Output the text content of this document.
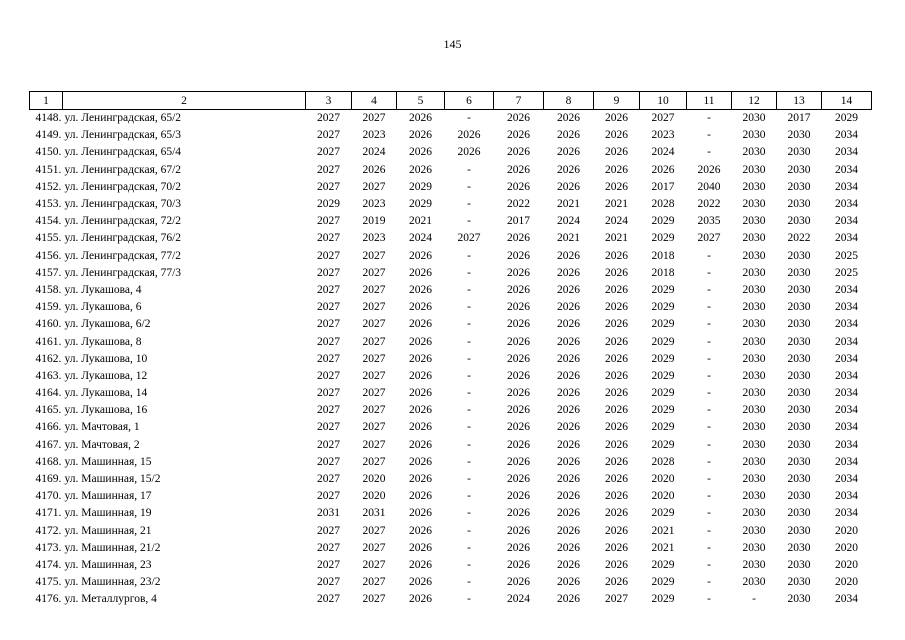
145
1	2	3	4	5	6	7	8	9	10	11	12	13	14
4148.	ул. Ленинградская, 65/2	2027	2027	2026	-	2026	2026	2026	2027	-	2030	2017	2029
4149.	ул. Ленинградская, 65/3	2027	2023	2026	2026	2026	2026	2026	2023	-	2030	2030	2034
4150.	ул. Ленинградская, 65/4	2027	2024	2026	2026	2026	2026	2026	2024	-	2030	2030	2034
4151.	ул. Ленинградская, 67/2	2027	2026	2026	-	2026	2026	2026	2026	2026	2030	2030	2034
4152.	ул. Ленинградская, 70/2	2027	2027	2029	-	2026	2026	2026	2017	2040	2030	2030	2034
4153.	ул. Ленинградская, 70/3	2029	2023	2029	-	2022	2021	2021	2028	2022	2030	2030	2034
4154.	ул. Ленинградская, 72/2	2027	2019	2021	-	2017	2024	2024	2029	2035	2030	2030	2034
4155.	ул. Ленинградская, 76/2	2027	2023	2024	2027	2026	2021	2021	2029	2027	2030	2022	2034
4156.	ул. Ленинградская, 77/2	2027	2027	2026	-	2026	2026	2026	2018	-	2030	2030	2025
4157.	ул. Ленинградская, 77/3	2027	2027	2026	-	2026	2026	2026	2018	-	2030	2030	2025
4158.	ул. Лукашова, 4	2027	2027	2026	-	2026	2026	2026	2029	-	2030	2030	2034
4159.	ул. Лукашова, 6	2027	2027	2026	-	2026	2026	2026	2029	-	2030	2030	2034
4160.	ул. Лукашова, 6/2	2027	2027	2026	-	2026	2026	2026	2029	-	2030	2030	2034
4161.	ул. Лукашова, 8	2027	2027	2026	-	2026	2026	2026	2029	-	2030	2030	2034
4162.	ул. Лукашова, 10	2027	2027	2026	-	2026	2026	2026	2029	-	2030	2030	2034
4163.	ул. Лукашова, 12	2027	2027	2026	-	2026	2026	2026	2029	-	2030	2030	2034
4164.	ул. Лукашова, 14	2027	2027	2026	-	2026	2026	2026	2029	-	2030	2030	2034
4165.	ул. Лукашова, 16	2027	2027	2026	-	2026	2026	2026	2029	-	2030	2030	2034
4166.	ул. Мачтовая, 1	2027	2027	2026	-	2026	2026	2026	2029	-	2030	2030	2034
4167.	ул. Мачтовая, 2	2027	2027	2026	-	2026	2026	2026	2029	-	2030	2030	2034
4168.	ул. Машинная, 15	2027	2027	2026	-	2026	2026	2026	2028	-	2030	2030	2034
4169.	ул. Машинная, 15/2	2027	2020	2026	-	2026	2026	2026	2020	-	2030	2030	2034
4170.	ул. Машинная, 17	2027	2020	2026	-	2026	2026	2026	2020	-	2030	2030	2034
4171.	ул. Машинная, 19	2031	2031	2026	-	2026	2026	2026	2029	-	2030	2030	2034
4172.	ул. Машинная, 21	2027	2027	2026	-	2026	2026	2026	2021	-	2030	2030	2020
4173.	ул. Машинная, 21/2	2027	2027	2026	-	2026	2026	2026	2021	-	2030	2030	2020
4174.	ул. Машинная, 23	2027	2027	2026	-	2026	2026	2026	2029	-	2030	2030	2020
4175.	ул. Машинная, 23/2	2027	2027	2026	-	2026	2026	2026	2029	-	2030	2030	2020
4176.	ул. Металлургов, 4	2027	2027	2026	-	2024	2026	2027	2029	-	-	2030	2034
